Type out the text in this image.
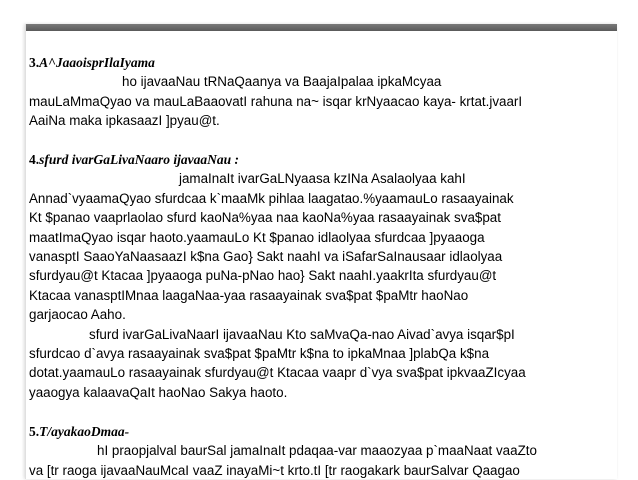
3.A^JaaoisprIlaIyama
ho ijavaaNau tRNaQaanya va BaajaIpalaa ipkaMcyaa
mauLaMmaQyao va mauLaBaaovatI rahuna na~ isqar krNyaacao kaya- krtat.jvaarI
AaiNa maka ipkasaazI ]pyau@t.
4.sfurd ivarGaLivaNaaro ijavaaNau :
jamaInaIt ivarGaLNyaasa kzINa Asalaolyaa kahI
Annad`vyaamaQyao sfurdcaa k`maaMk pihlaa laagatao.%yaamauLo rasaayainak
Kt $panao vaaprlaolao sfurd kaoNa%yaa naa kaoNa%yaa rasaayainak sva$pat
maatImaQyao isqar haoto.yaamauLo Kt $panao idlaolyaa sfurdcaa ]pyaaoga
vanasptI SaaoYaNaasaazI k$na Gao} Sakt naahI va iSafarSaInausaar idlaolyaa
sfurdyau@t Ktacaa ]pyaaoga puNa-pNao hao} Sakt naahI.yaakrIta sfurdyau@t
Ktacaa vanasptIMnaa laagaNaa-yaa rasaayainak sva$pat $paMtr haoNao
garjaocao Aaho.
sfurd ivarGaLivaNaarI ijavaaNau Kto saMvaQa-nao Aivad`avya isqar$pI
sfurdcao d`avya rasaayainak sva$pat $paMtr k$na to ipkaMnaa ]plabQa k$na
dotat.yaamauLo rasaayainak sfurdyau@t Ktacaa vaapr d`vya sva$pat ipkvaaZIcyaa
yaaogya kalaavaQaIt haoNao Sakya haoto.
5.T/ayakaoDmaa-
hI praopjalval baurSal jamaInaIt pdaqaa-var maaozyaa p`maaNaat vaaZto
va [tr raoga ijavaaNauMcaI vaaZ inayaMi~t krto.tI [tr raogakark baurSalvar Qaagao
